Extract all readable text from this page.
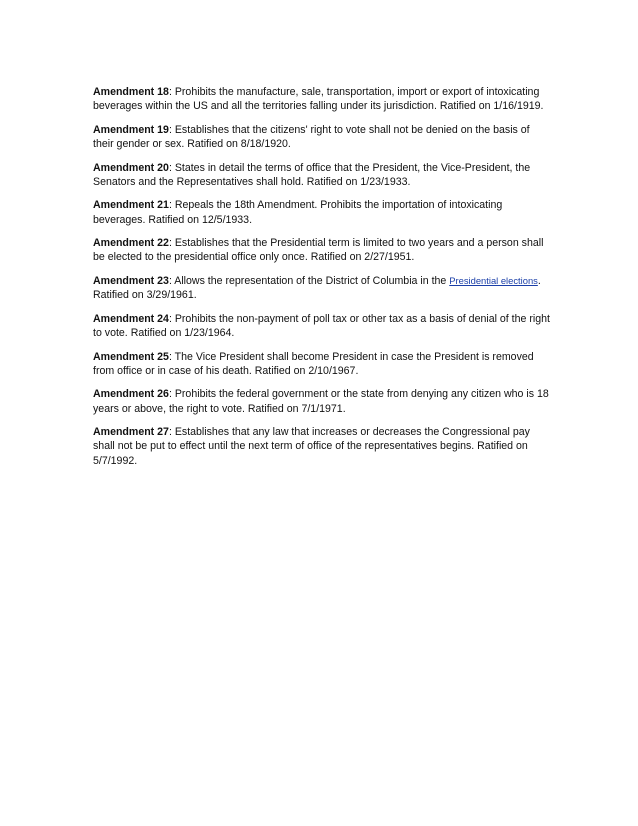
Amendment 18: Prohibits the manufacture, sale, transportation, import or export of intoxicating beverages within the US and all the territories falling under its jurisdiction. Ratified on 1/16/1919.

Amendment 19: Establishes that the citizens' right to vote shall not be denied on the basis of their gender or sex. Ratified on 8/18/1920.

Amendment 20: States in detail the terms of office that the President, the Vice-President, the Senators and the Representatives shall hold. Ratified on 1/23/1933.

Amendment 21: Repeals the 18th Amendment. Prohibits the importation of intoxicating beverages. Ratified on 12/5/1933.

Amendment 22: Establishes that the Presidential term is limited to two years and a person shall be elected to the presidential office only once. Ratified on 2/27/1951.

Amendment 23: Allows the representation of the District of Columbia in the Presidential elections. Ratified on 3/29/1961.

Amendment 24: Prohibits the non-payment of poll tax or other tax as a basis of denial of the right to vote. Ratified on 1/23/1964.

Amendment 25: The Vice President shall become President in case the President is removed from office or in case of his death. Ratified on 2/10/1967.

Amendment 26: Prohibits the federal government or the state from denying any citizen who is 18 years or above, the right to vote. Ratified on 7/1/1971.

Amendment 27: Establishes that any law that increases or decreases the Congressional pay shall not be put to effect until the next term of office of the representatives begins. Ratified on 5/7/1992.
